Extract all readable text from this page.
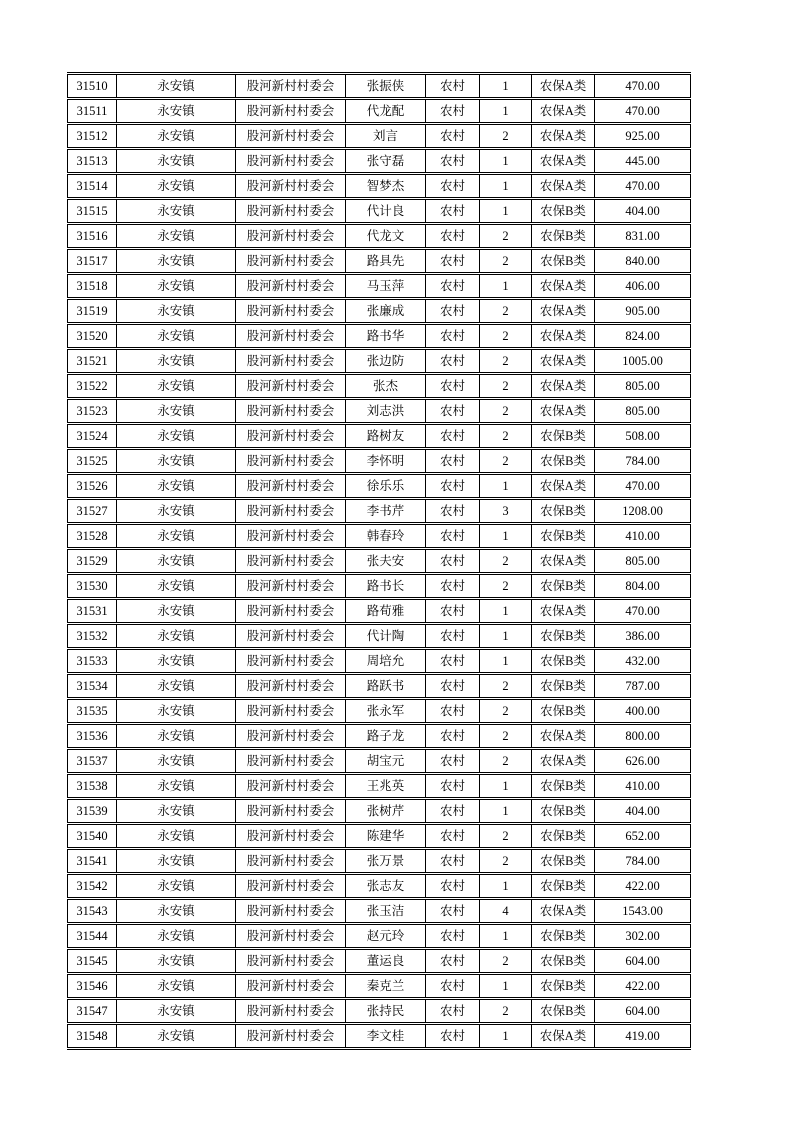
31510	永安镇	股河新村村委会	张振侠	农村	1	农保A类	470.00
31511	永安镇	股河新村村委会	代龙配	农村	1	农保A类	470.00
31512	永安镇	股河新村村委会	刘言	农村	2	农保A类	925.00
31513	永安镇	股河新村村委会	张守磊	农村	1	农保A类	445.00
31514	永安镇	股河新村村委会	智梦杰	农村	1	农保A类	470.00
31515	永安镇	股河新村村委会	代计良	农村	1	农保B类	404.00
31516	永安镇	股河新村村委会	代龙文	农村	2	农保B类	831.00
31517	永安镇	股河新村村委会	路具先	农村	2	农保B类	840.00
31518	永安镇	股河新村村委会	马玉萍	农村	1	农保A类	406.00
31519	永安镇	股河新村村委会	张廉成	农村	2	农保A类	905.00
31520	永安镇	股河新村村委会	路书华	农村	2	农保A类	824.00
31521	永安镇	股河新村村委会	张边防	农村	2	农保A类	1005.00
31522	永安镇	股河新村村委会	张杰	农村	2	农保A类	805.00
31523	永安镇	股河新村村委会	刘志洪	农村	2	农保A类	805.00
31524	永安镇	股河新村村委会	路树友	农村	2	农保B类	508.00
31525	永安镇	股河新村村委会	李怀明	农村	2	农保B类	784.00
31526	永安镇	股河新村村委会	徐乐乐	农村	1	农保A类	470.00
31527	永安镇	股河新村村委会	李书芹	农村	3	农保B类	1208.00
31528	永安镇	股河新村村委会	韩春玲	农村	1	农保B类	410.00
31529	永安镇	股河新村村委会	张夫安	农村	2	农保A类	805.00
31530	永安镇	股河新村村委会	路书长	农村	2	农保B类	804.00
31531	永安镇	股河新村村委会	路荀雅	农村	1	农保A类	470.00
31532	永安镇	股河新村村委会	代计陶	农村	1	农保B类	386.00
31533	永安镇	股河新村村委会	周培允	农村	1	农保B类	432.00
31534	永安镇	股河新村村委会	路跃书	农村	2	农保B类	787.00
31535	永安镇	股河新村村委会	张永军	农村	2	农保B类	400.00
31536	永安镇	股河新村村委会	路子龙	农村	2	农保A类	800.00
31537	永安镇	股河新村村委会	胡宝元	农村	2	农保A类	626.00
31538	永安镇	股河新村村委会	王兆英	农村	1	农保B类	410.00
31539	永安镇	股河新村村委会	张树芹	农村	1	农保B类	404.00
31540	永安镇	股河新村村委会	陈建华	农村	2	农保B类	652.00
31541	永安镇	股河新村村委会	张万景	农村	2	农保B类	784.00
31542	永安镇	股河新村村委会	张志友	农村	1	农保B类	422.00
31543	永安镇	股河新村村委会	张玉洁	农村	4	农保A类	1543.00
31544	永安镇	股河新村村委会	赵元玲	农村	1	农保B类	302.00
31545	永安镇	股河新村村委会	董运良	农村	2	农保B类	604.00
31546	永安镇	股河新村村委会	秦克兰	农村	1	农保B类	422.00
31547	永安镇	股河新村村委会	张持民	农村	2	农保B类	604.00
31548	永安镇	股河新村村委会	李文桂	农村	1	农保A类	419.00
